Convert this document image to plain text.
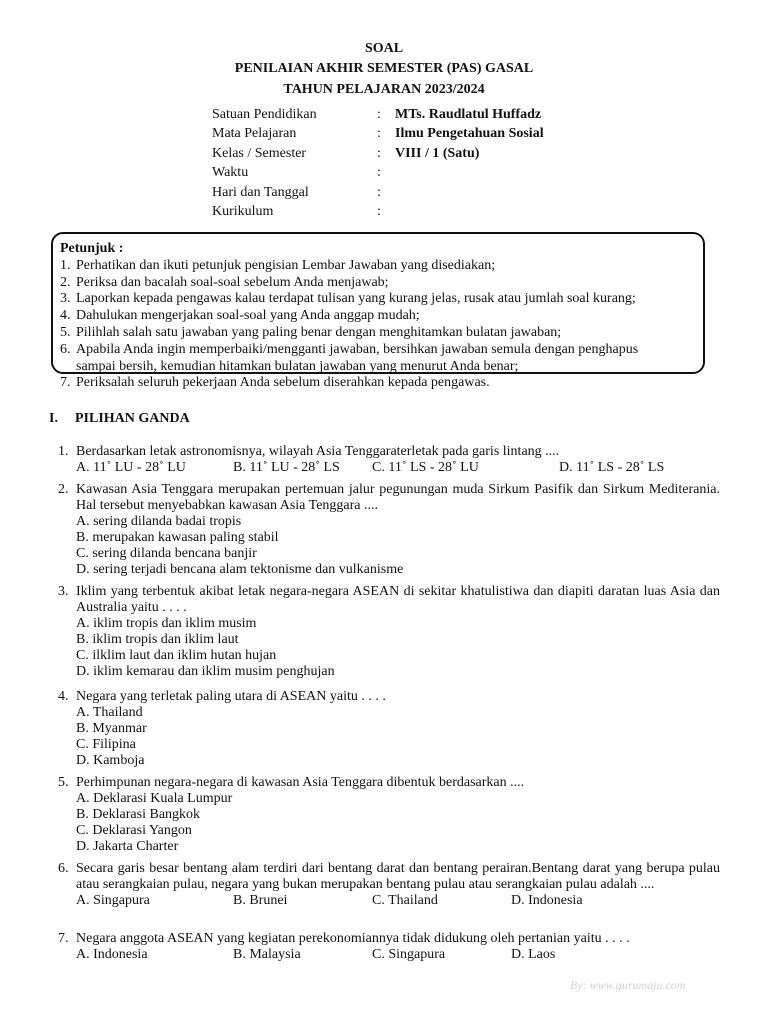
SOAL
PENILAIAN AKHIR SEMESTER (PAS) GASAL
TAHUN PELAJARAN 2023/2024
Satuan Pendidikan	:	MTs. Raudlatul Huffadz
Mata Pelajaran	:	Ilmu Pengetahuan Sosial
Kelas / Semester	:	VIII / 1 (Satu)
Waktu	:
Hari dan Tanggal	:
Kurikulum	:
Petunjuk :
1. Perhatikan dan ikuti petunjuk pengisian Lembar Jawaban yang disediakan;
2. Periksa dan bacalah soal-soal sebelum Anda menjawab;
3. Laporkan kepada pengawas kalau terdapat tulisan yang kurang jelas, rusak atau jumlah soal kurang;
4. Dahulukan mengerjakan soal-soal yang Anda anggap mudah;
5. Pilihlah salah satu jawaban yang paling benar dengan menghitamkan bulatan jawaban;
6. Apabila Anda ingin memperbaiki/mengganti jawaban, bersihkan jawaban semula dengan penghapus
sampai bersih, kemudian hitamkan bulatan jawaban yang menurut Anda benar;
7. Periksalah seluruh pekerjaan Anda sebelum diserahkan kepada pengawas.
I. PILIHAN GANDA
1. Berdasarkan letak astronomisnya, wilayah Asia Tenggaraterletak pada garis lintang ....
A. 11˚ LU - 28˚ LU	B. 11˚ LU - 28˚ LS C. 11˚ LS - 28˚ LU	D. 11˚ LS - 28˚ LS
2. Kawasan Asia Tenggara merupakan pertemuan jalur pegunungan muda Sirkum Pasifik dan Sirkum Mediterania. Hal tersebut menyebabkan kawasan Asia Tenggara ....
A. sering dilanda badai tropis
B. merupakan kawasan paling stabil
C. sering dilanda bencana banjir
D. sering terjadi bencana alam tektonisme dan vulkanisme
3. Iklim yang terbentuk akibat letak negara-negara ASEAN di sekitar khatulistiwa dan diapiti daratan luas Asia dan Australia yaitu . . . .
A. iklim tropis dan iklim musim
B. iklim tropis dan iklim laut
C. ilklim laut dan iklim hutan hujan
D. iklim kemarau dan iklim musim penghujan
4. Negara yang terletak paling utara di ASEAN yaitu . . . .
A. Thailand
B. Myanmar
C. Filipina
D. Kamboja
5. Perhimpunan negara-negara di kawasan Asia Tenggara dibentuk berdasarkan ....
A. Deklarasi Kuala Lumpur
B. Deklarasi Bangkok
C. Deklarasi Yangon
D. Jakarta Charter
6. Secara garis besar bentang alam terdiri dari bentang darat dan bentang perairan.Bentang darat yang berupa pulau atau serangkaian pulau, negara yang bukan merupakan bentang pulau atau serangkaian pulau adalah ....
A. Singapura	B. Brunei	C. Thailand	D. Indonesia
7. Negara anggota ASEAN yang kegiatan perekonomiannya tidak didukung oleh pertanian yaitu . . . .
A. Indonesia	B. Malaysia	C. Singapura	D. Laos
By: www.gurumaju.com
